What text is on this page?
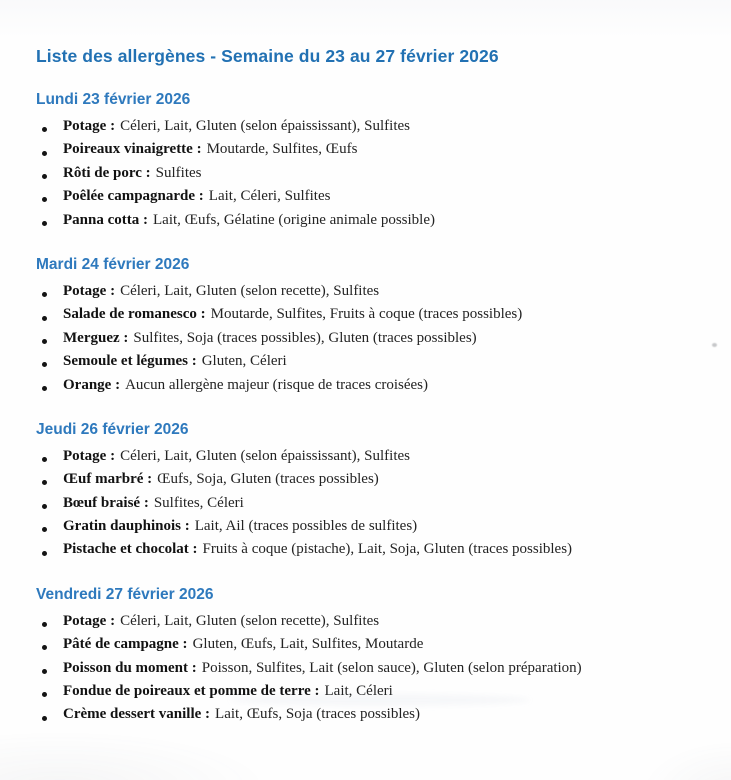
Liste des allergènes - Semaine du 23 au 27 février 2026
Lundi 23 février 2026
Potage : Céleri, Lait, Gluten (selon épaississant), Sulfites
Poireaux vinaigrette : Moutarde, Sulfites, Œufs
Rôti de porc : Sulfites
Poêlée campagnarde : Lait, Céleri, Sulfites
Panna cotta : Lait, Œufs, Gélatine (origine animale possible)
Mardi 24 février 2026
Potage : Céleri, Lait, Gluten (selon recette), Sulfites
Salade de romanesco : Moutarde, Sulfites, Fruits à coque (traces possibles)
Merguez : Sulfites, Soja (traces possibles), Gluten (traces possibles)
Semoule et légumes : Gluten, Céleri
Orange : Aucun allergène majeur (risque de traces croisées)
Jeudi 26 février 2026
Potage : Céleri, Lait, Gluten (selon épaississant), Sulfites
Œuf marbré : Œufs, Soja, Gluten (traces possibles)
Bœuf braisé : Sulfites, Céleri
Gratin dauphinois : Lait, Ail (traces possibles de sulfites)
Pistache et chocolat : Fruits à coque (pistache), Lait, Soja, Gluten (traces possibles)
Vendredi 27 février 2026
Potage : Céleri, Lait, Gluten (selon recette), Sulfites
Pâté de campagne : Gluten, Œufs, Lait, Sulfites, Moutarde
Poisson du moment : Poisson, Sulfites, Lait (selon sauce), Gluten (selon préparation)
Fondue de poireaux et pomme de terre : Lait, Céleri
Crème dessert vanille : Lait, Œufs, Soja (traces possibles)
